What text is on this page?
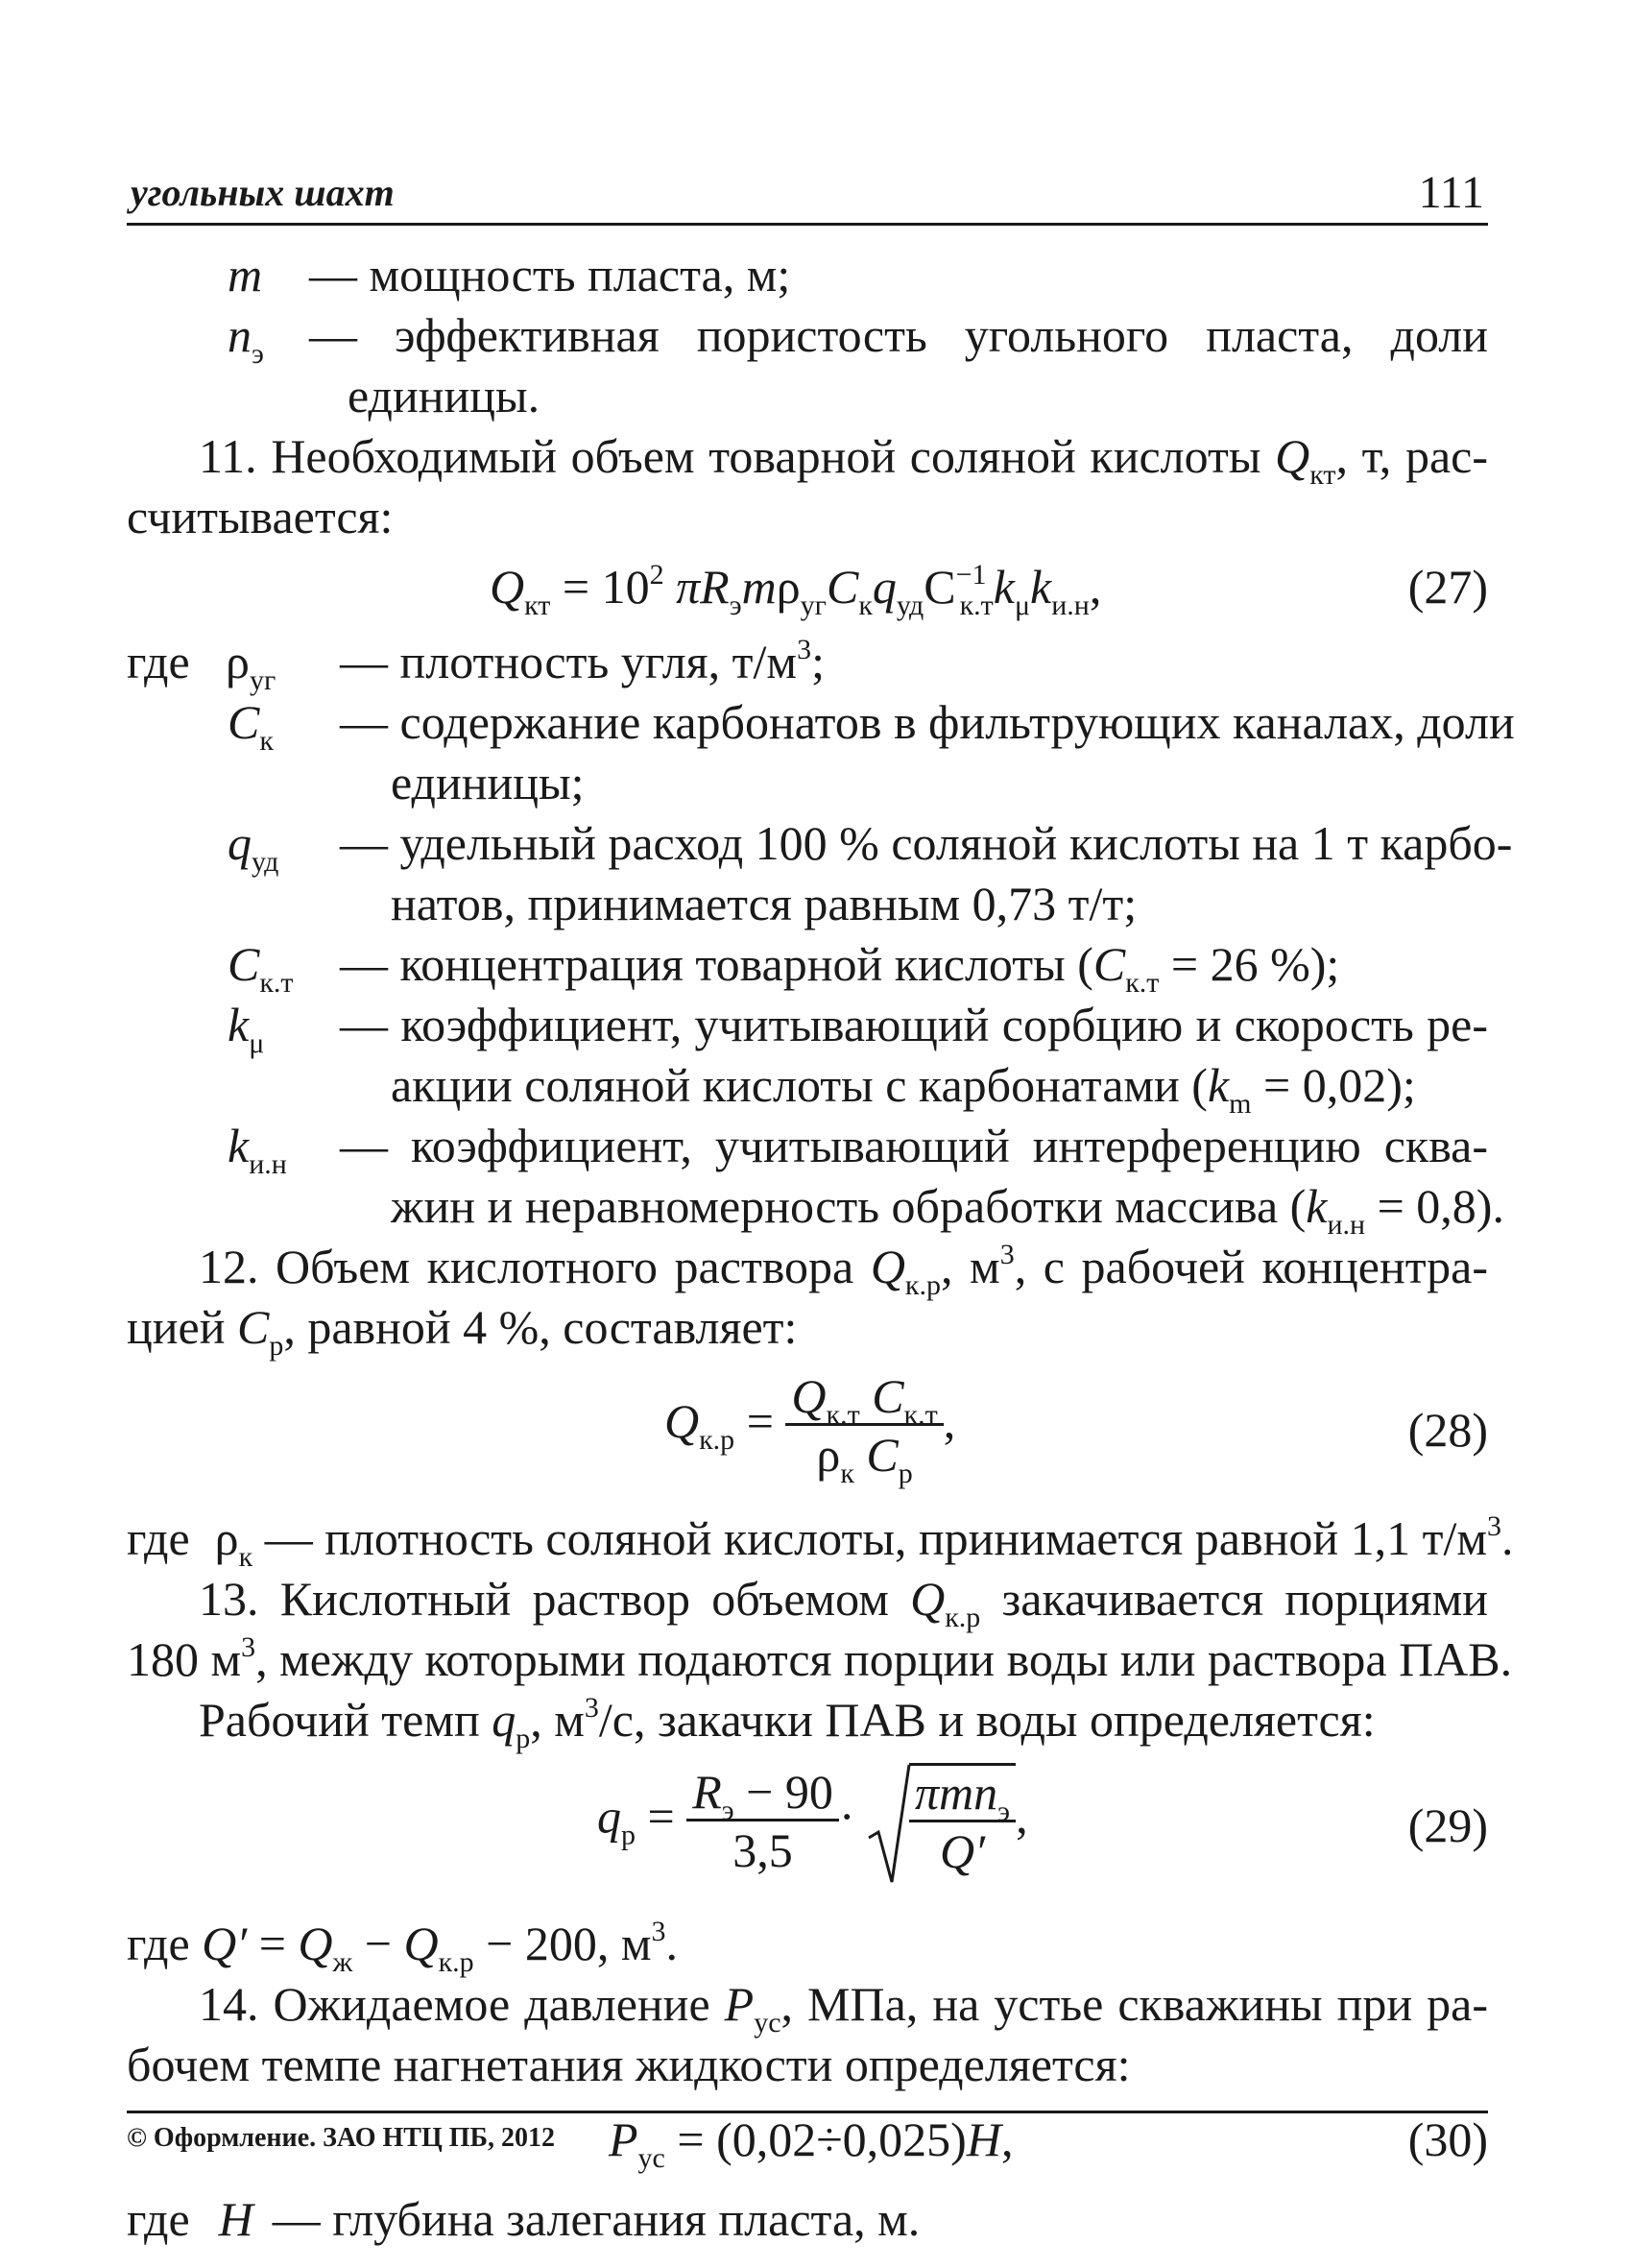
угольных шахт	111
m — мощность пласта, м;
$n_э$ — эффективная пористость угольного пласта, доли
единицы.
11. Необходимый объем товарной соляной кислоты $Q_{кт}$, т, рас-
считывается:
$Q_{кт} = 10^2$ $\pi R_эm\rho_{уг}C_кq_{уд}C^{-1}_{к.т}k_\mu k_{и.н}$,	(27)
где $\rho_{уг}$ — плотность угля, $т/м^3$;
$C_к$ — содержание карбонатов в фильтрующих каналах, доли
единицы;
$q_{уд}$ — удельный расход 100 % соляной кислоты на 1 т карбо-
натов, принимается равным 0,73 т/т;
$C_{к.т}$ — концентрация товарной кислоты ($C_{к.т} = 26$ %);
$k_\mu$ — коэффициент, учитывающий сорбцию и скорость ре-
акции соляной кислоты с карбонатами $(k_m = 0,02)$;
$k_{и.н}$ — коэффициент, учитывающий интерференцию сква-
жин и неравномерность обработки массива $(k_{и.н} = 0,8)$.
12. Объем кислотного раствора $Q_{к.р}$, $м^3$, с рабочей концентра-
цией $C_р$, равной 4 %, составляет:
$Q_{к.р} = \frac{Q_{к.т} C_{к.т}}{\rho_к C_р}$ ,	(28)
где $\rho_к$ — плотность соляной кислоты, принимается равной 1,1 $т/м^3$.
13. Кислотный раствор объемом $Q_{к.р}$ закачивается порциями
180 $м^3$, между которыми подаются порции воды или раствора ПАВ.
Рабочий темп $q_р$, $м^3/с$, закачки ПАВ и воды определяется:
$q_р = \frac{R_э - 90}{3,5} \cdot \frac{\pi mn_э}{Q'}$ ,	(29)
где $Q' = Q_ж - Q_{к.р} - 200$, $м^3$.
14. Ожидаемое давление $P_{ус}$, МПа, на устье скважины при ра-
бочем темпе нагнетания жидкости определяется:
$P_{ус} = (0,02\div 0,025)H$,	(30)
где H — глубина залегания пласта, м.
© Оформление. ЗАО НТЦ ПБ, 2012
